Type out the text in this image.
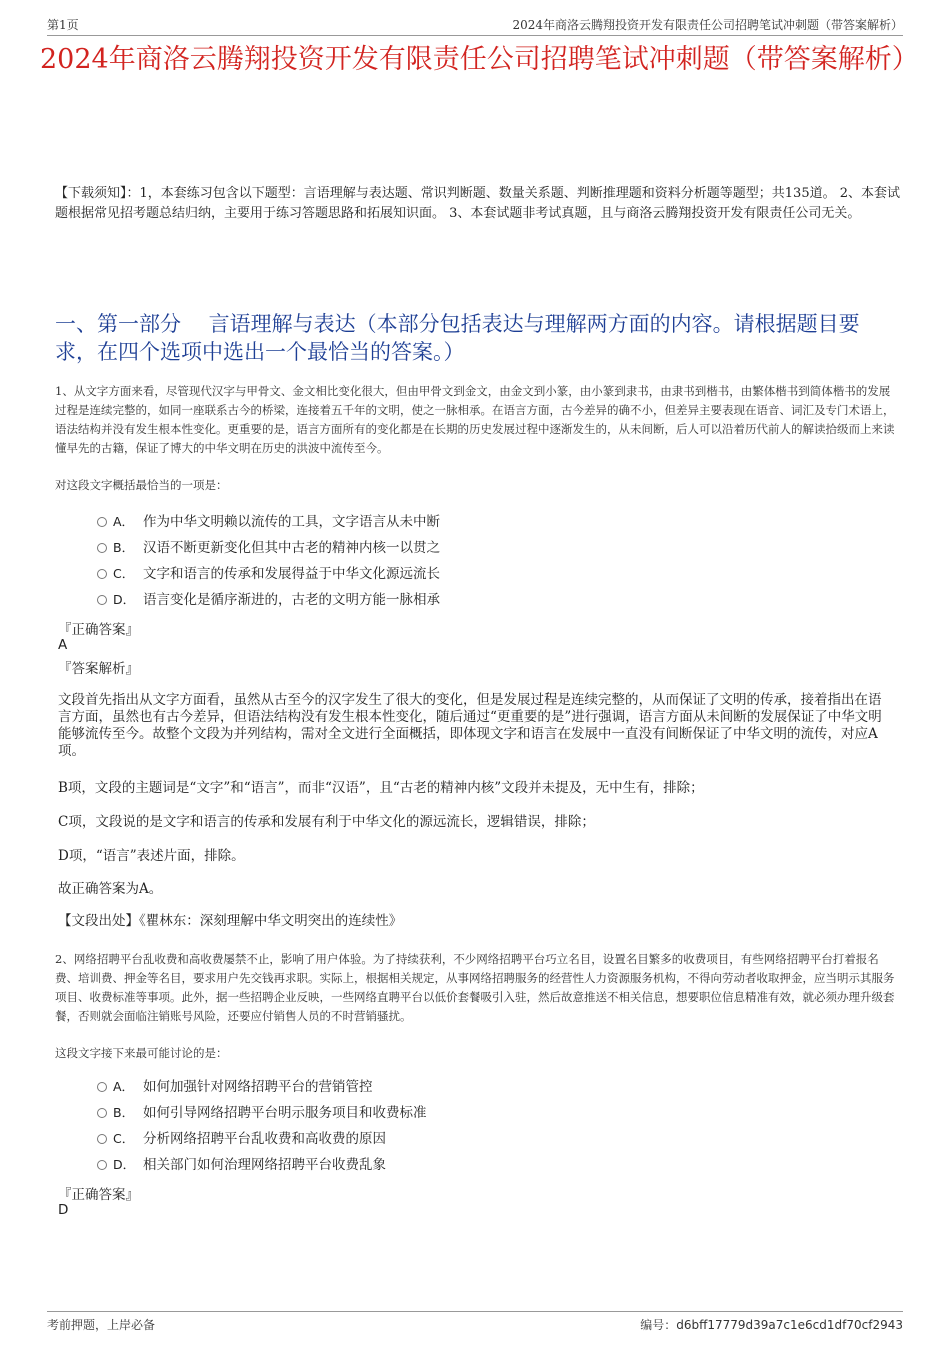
第1页	2024年商洛云腾翔投资开发有限责任公司招聘笔试冲刺题（带答案解析）
2024年商洛云腾翔投资开发有限责任公司招聘笔试冲刺题（带答案解析）
【下载须知】：1，本套练习包含以下题型：言语理解与表达题、常识判断题、数量关系题、判断推理题和资料分析题等题型；共135道。 2、本套试题根据常见招考题总结归纳，主要用于练习答题思路和拓展知识面。 3、本套试题非考试真题，且与商洛云腾翔投资开发有限责任公司无关。
一、第一部分　 言语理解与表达（本部分包括表达与理解两方面的内容。请根据题目要求，在四个选项中选出一个最恰当的答案。）
1、从文字方面来看，尽管现代汉字与甲骨文、金文相比变化很大，但由甲骨文到金文，由金文到小篆，由小篆到隶书，由隶书到楷书，由繁体楷书到简体楷书的发展过程是连续完整的，如同一座联系古今的桥梁，连接着五千年的文明，使之一脉相承。在语言方面，古今差异的确不小，但差异主要表现在语音、词汇及专门术语上，语法结构并没有发生根本性变化。更重要的是，语言方面所有的变化都是在长期的历史发展过程中逐渐发生的，从未间断，后人可以沿着历代前人的解读拾级而上来读懂早先的古籍，保证了博大的中华文明在历史的洪波中流传至今。
对这段文字概括最恰当的一项是：
A． 作为中华文明赖以流传的工具，文字语言从未中断
B． 汉语不断更新变化但其中古老的精神内核一以贯之
C． 文字和语言的传承和发展得益于中华文化源远流长
D． 语言变化是循序渐进的，古老的文明方能一脉相承
『正确答案』
A
『答案解析』
文段首先指出从文字方面看，虽然从古至今的汉字发生了很大的变化，但是发展过程是连续完整的，从而保证了文明的传承，接着指出在语言方面，虽然也有古今差异，但语法结构没有发生根本性变化，随后通过“更重要的是”进行强调，语言方面从未间断的发展保证了中华文明能够流传至今。故整个文段为并列结构，需对全文进行全面概括，即体现文字和语言在发展中一直没有间断保证了中华文明的流传，对应A项。
B项，文段的主题词是“文字”和“语言”，而非“汉语”，且“古老的精神内核”文段并未提及，无中生有，排除；
C项，文段说的是文字和语言的传承和发展有利于中华文化的源远流长，逻辑错误，排除；
D项，“语言”表述片面，排除。
故正确答案为A。
【文段出处】《瞿林东：深刻理解中华文明突出的连续性》
2、网络招聘平台乱收费和高收费屡禁不止，影响了用户体验。为了持续获利，不少网络招聘平台巧立名目，设置名目繁多的收费项目，有些网络招聘平台打着报名费、培训费、押金等名目，要求用户先交钱再求职。实际上，根据相关规定，从事网络招聘服务的经营性人力资源服务机构，不得向劳动者收取押金，应当明示其服务项目、收费标准等事项。此外，据一些招聘企业反映，一些网络直聘平台以低价套餐吸引入驻，然后故意推送不相关信息，想要职位信息精准有效，就必须办理升级套餐，否则就会面临注销账号风险，还要应付销售人员的不时营销骚扰。
这段文字接下来最可能讨论的是：
A． 如何加强针对网络招聘平台的营销管控
B． 如何引导网络招聘平台明示服务项目和收费标准
C． 分析网络招聘平台乱收费和高收费的原因
D． 相关部门如何治理网络招聘平台收费乱象
『正确答案』
D
考前押题，上岸必备	编号：d6bff17779d39a7c1e6cd1df70cf2943
